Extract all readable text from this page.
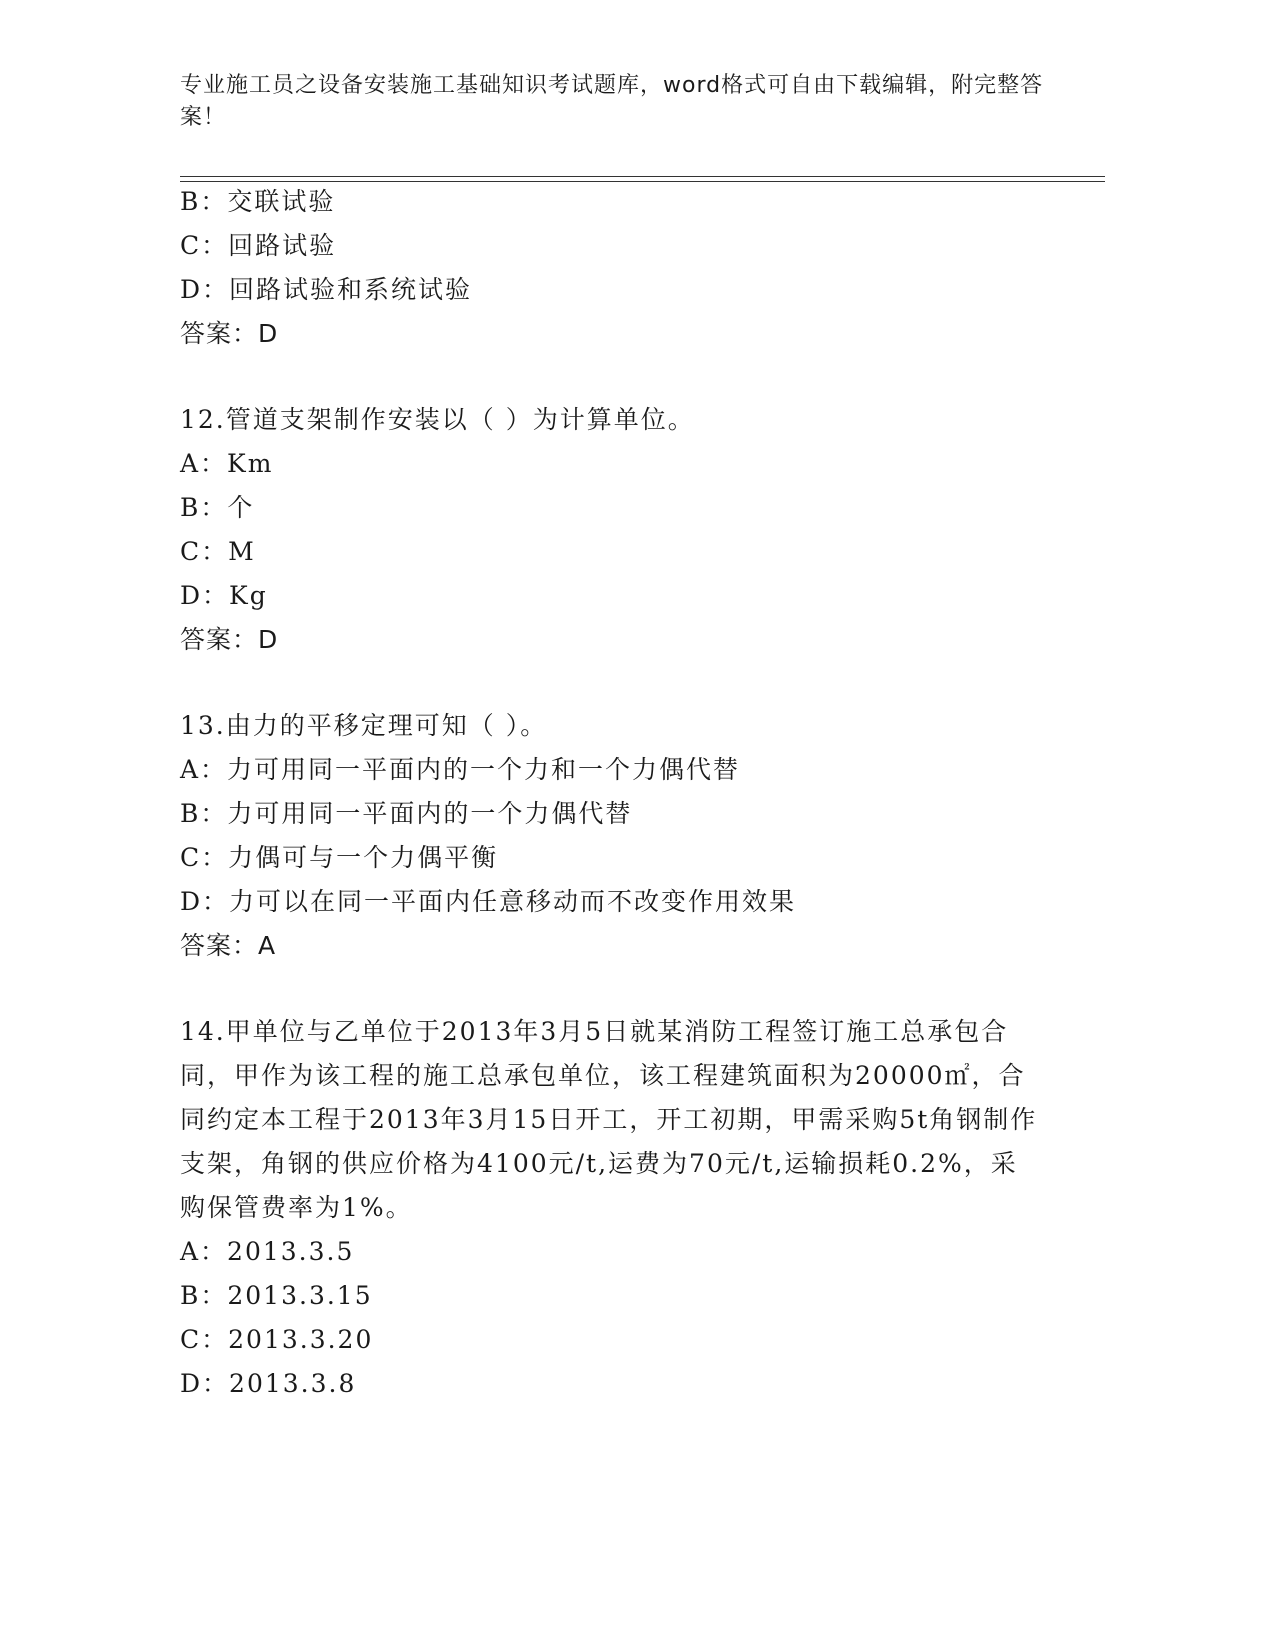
专业施工员之设备安装施工基础知识考试题库，word格式可自由下载编辑，附完整答案！
B：交联试验
C：回路试验
D：回路试验和系统试验
答案：D
12.管道支架制作安装以（ ）为计算单位。
A：Km
B：个
C：M
D：Kg
答案：D
13.由力的平移定理可知（ ）。
A：力可用同一平面内的一个力和一个力偶代替
B：力可用同一平面内的一个力偶代替
C：力偶可与一个力偶平衡
D：力可以在同一平面内任意移动而不改变作用效果
答案：A
14.甲单位与乙单位于2013年3月5日就某消防工程签订施工总承包合同，甲作为该工程的施工总承包单位，该工程建筑面积为20000㎡，合同约定本工程于2013年3月15日开工，开工初期，甲需采购5t角钢制作支架，角钢的供应价格为4100元/t,运费为70元/t,运输损耗0.2%，采购保管费率为1%。
A：2013.3.5
B：2013.3.15
C：2013.3.20
D：2013.3.8
